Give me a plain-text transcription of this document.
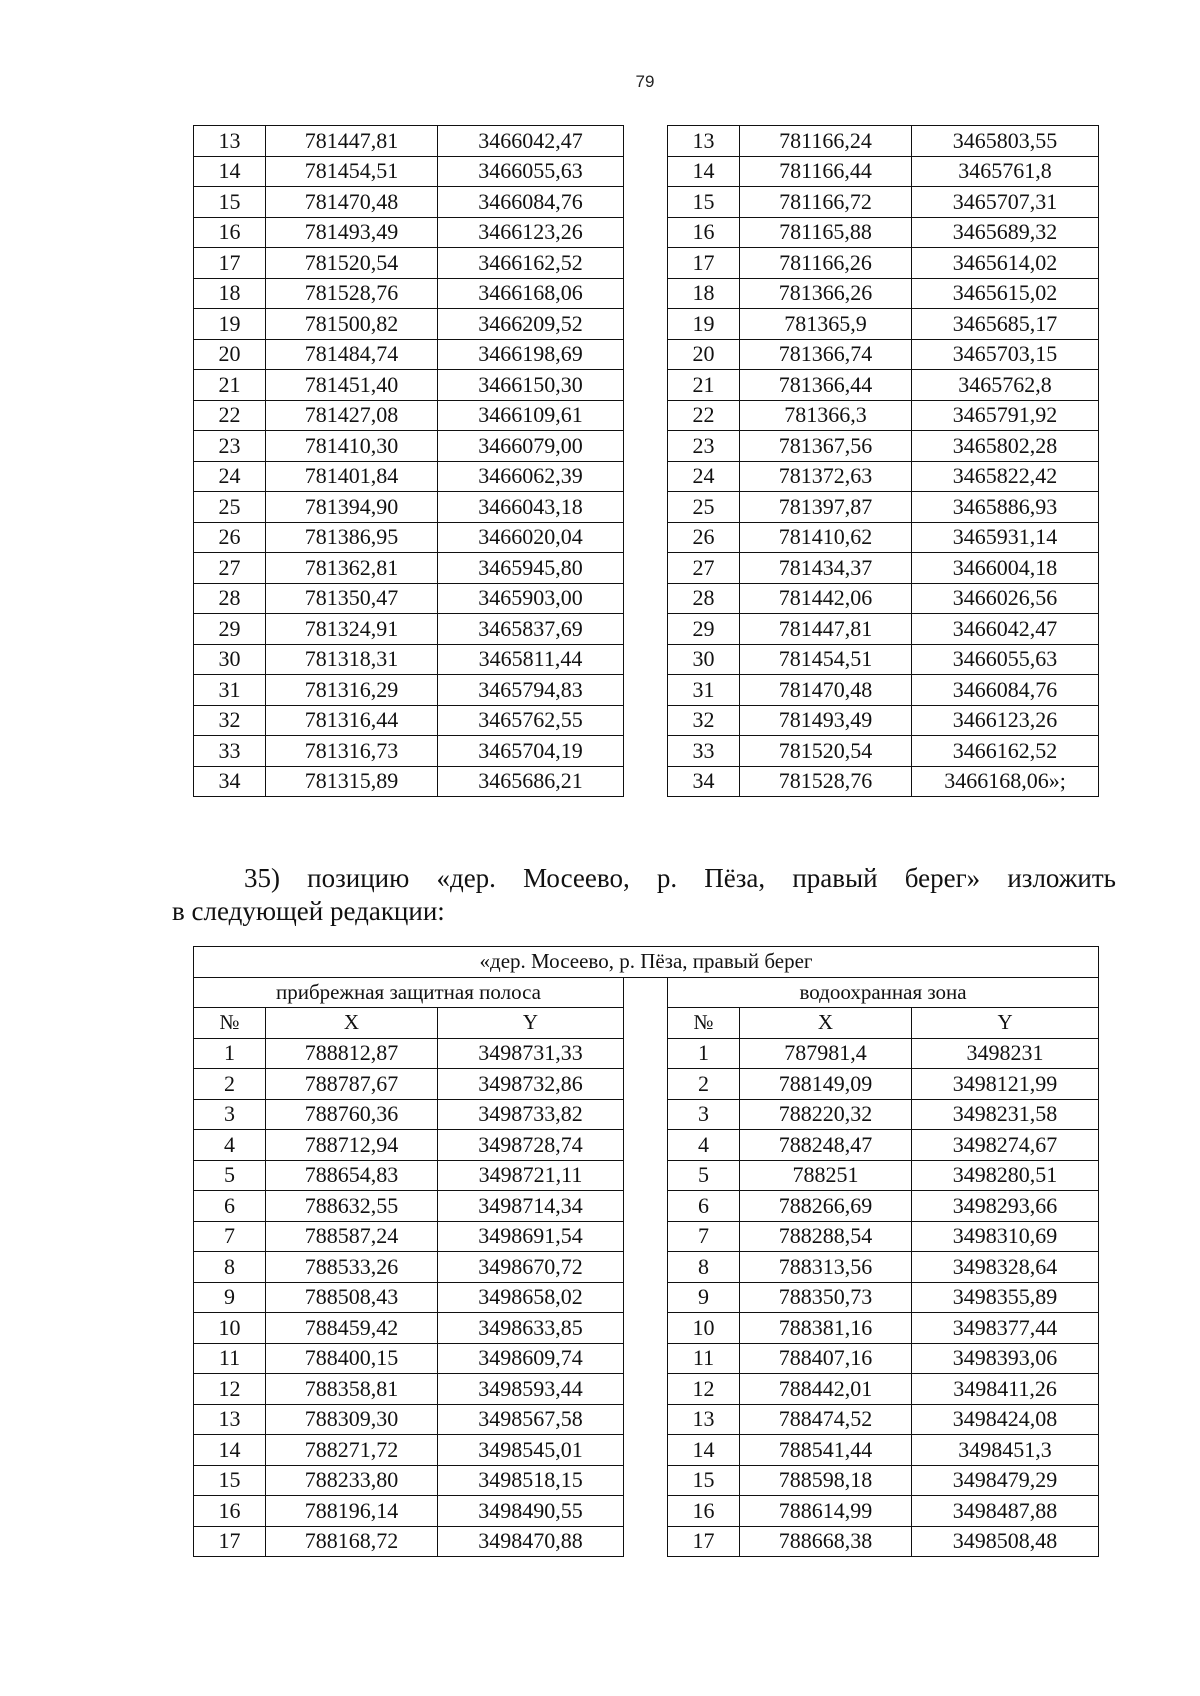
79
13	781447,81	3466042,47		13	781166,24	3465803,55
14	781454,51	3466055,63		14	781166,44	3465761,8
15	781470,48	3466084,76		15	781166,72	3465707,31
16	781493,49	3466123,26		16	781165,88	3465689,32
17	781520,54	3466162,52		17	781166,26	3465614,02
18	781528,76	3466168,06		18	781366,26	3465615,02
19	781500,82	3466209,52		19	781365,9	3465685,17
20	781484,74	3466198,69		20	781366,74	3465703,15
21	781451,40	3466150,30		21	781366,44	3465762,8
22	781427,08	3466109,61		22	781366,3	3465791,92
23	781410,30	3466079,00		23	781367,56	3465802,28
24	781401,84	3466062,39		24	781372,63	3465822,42
25	781394,90	3466043,18		25	781397,87	3465886,93
26	781386,95	3466020,04		26	781410,62	3465931,14
27	781362,81	3465945,80		27	781434,37	3466004,18
28	781350,47	3465903,00		28	781442,06	3466026,56
29	781324,91	3465837,69		29	781447,81	3466042,47
30	781318,31	3465811,44		30	781454,51	3466055,63
31	781316,29	3465794,83		31	781470,48	3466084,76
32	781316,44	3465762,55		32	781493,49	3466123,26
33	781316,73	3465704,19		33	781520,54	3466162,52
34	781315,89	3465686,21		34	781528,76	3466168,06»;
35) позицию «дер. Мосеево, р. Пёза, правый берег» изложить
в следующей редакции:
«дер. Мосеево, р. Пёза, правый берег						
прибрежная защитная полоса				водоохранная зона		
№	X	Y		№	X	Y
1	788812,87	3498731,33		1	787981,4	3498231
2	788787,67	3498732,86		2	788149,09	3498121,99
3	788760,36	3498733,82		3	788220,32	3498231,58
4	788712,94	3498728,74		4	788248,47	3498274,67
5	788654,83	3498721,11		5	788251	3498280,51
6	788632,55	3498714,34		6	788266,69	3498293,66
7	788587,24	3498691,54		7	788288,54	3498310,69
8	788533,26	3498670,72		8	788313,56	3498328,64
9	788508,43	3498658,02		9	788350,73	3498355,89
10	788459,42	3498633,85		10	788381,16	3498377,44
11	788400,15	3498609,74		11	788407,16	3498393,06
12	788358,81	3498593,44		12	788442,01	3498411,26
13	788309,30	3498567,58		13	788474,52	3498424,08
14	788271,72	3498545,01		14	788541,44	3498451,3
15	788233,80	3498518,15		15	788598,18	3498479,29
16	788196,14	3498490,55		16	788614,99	3498487,88
17	788168,72	3498470,88		17	788668,38	3498508,48
